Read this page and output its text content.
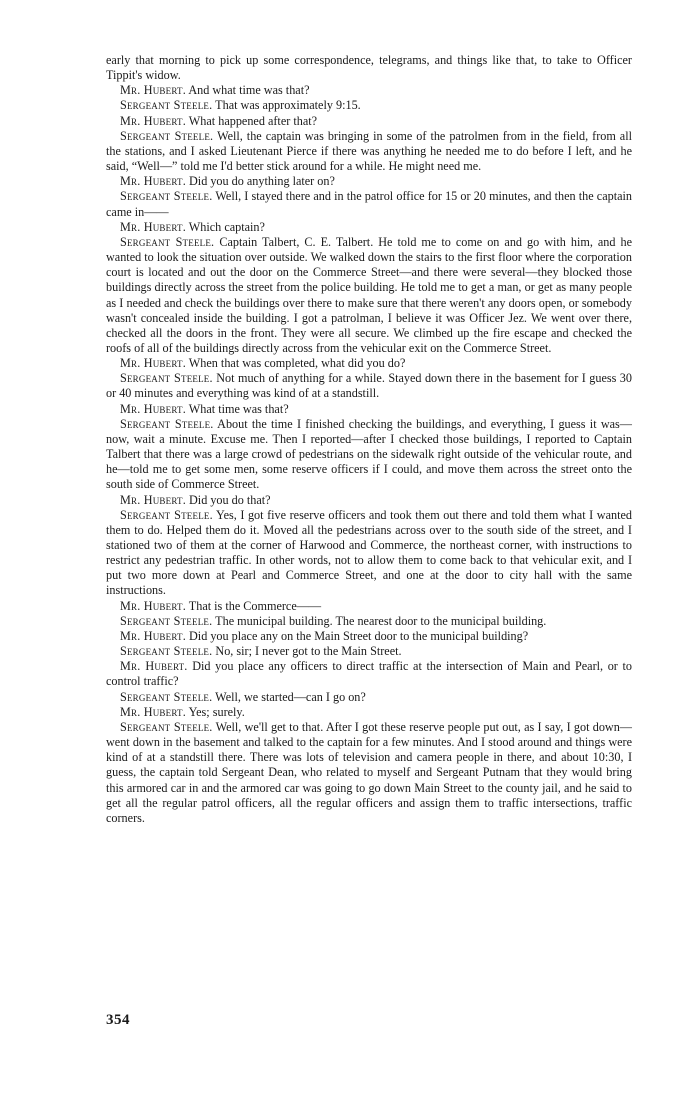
early that morning to pick up some correspondence, telegrams, and things like that, to take to Officer Tippit's widow.

Mr. Hubert. And what time was that?

Sergeant Steele. That was approximately 9:15.

Mr. Hubert. What happened after that?

Sergeant Steele. Well, the captain was bringing in some of the patrolmen from in the field, from all the stations, and I asked Lieutenant Pierce if there was anything he needed me to do before I left, and he said, “Well—” told me I'd better stick around for a while. He might need me.

Mr. Hubert. Did you do anything later on?

Sergeant Steele. Well, I stayed there and in the patrol office for 15 or 20 minutes, and then the captain came in——

Mr. Hubert. Which captain?

Sergeant Steele. Captain Talbert, C. E. Talbert. He told me to come on and go with him, and he wanted to look the situation over outside. We walked down the stairs to the first floor where the corporation court is located and out the door on the Commerce Street—and there were several—they blocked those buildings directly across the street from the police building. He told me to get a man, or get as many people as I needed and check the buildings over there to make sure that there weren't any doors open, or somebody wasn't concealed inside the building. I got a patrolman, I believe it was Officer Jez. We went over there, checked all the doors in the front. They were all secure. We climbed up the fire escape and checked the roofs of all of the buildings directly across from the vehicular exit on the Commerce Street.

Mr. Hubert. When that was completed, what did you do?

Sergeant Steele. Not much of anything for a while. Stayed down there in the basement for I guess 30 or 40 minutes and everything was kind of at a standstill.

Mr. Hubert. What time was that?

Sergeant Steele. About the time I finished checking the buildings, and everything, I guess it was—now, wait a minute. Excuse me. Then I reported—after I checked those buildings, I reported to Captain Talbert that there was a large crowd of pedestrians on the sidewalk right outside of the vehicular route, and he—told me to get some men, some reserve officers if I could, and move them across the street onto the south side of Commerce Street.

Mr. Hubert. Did you do that?

Sergeant Steele. Yes, I got five reserve officers and took them out there and told them what I wanted them to do. Helped them do it. Moved all the pedestrians across over to the south side of the street, and I stationed two of them at the corner of Harwood and Commerce, the northeast corner, with instructions to restrict any pedestrian traffic. In other words, not to allow them to come back to that vehicular exit, and I put two more down at Pearl and Commerce Street, and one at the door to city hall with the same instructions.

Mr. Hubert. That is the Commerce——

Sergeant Steele. The municipal building. The nearest door to the municipal building.

Mr. Hubert. Did you place any on the Main Street door to the municipal building?

Sergeant Steele. No, sir; I never got to the Main Street.

Mr. Hubert. Did you place any officers to direct traffic at the intersection of Main and Pearl, or to control traffic?

Sergeant Steele. Well, we started—can I go on?

Mr. Hubert. Yes; surely.

Sergeant Steele. Well, we'll get to that. After I got these reserve people put out, as I say, I got down—went down in the basement and talked to the captain for a few minutes. And I stood around and things were kind of at a standstill there. There was lots of television and camera people in there, and about 10:30, I guess, the captain told Sergeant Dean, who related to myself and Sergeant Putnam that they would bring this armored car in and the armored car was going to go down Main Street to the county jail, and he said to get all the regular patrol officers, all the regular officers and assign them to traffic intersections, traffic corners.

354
